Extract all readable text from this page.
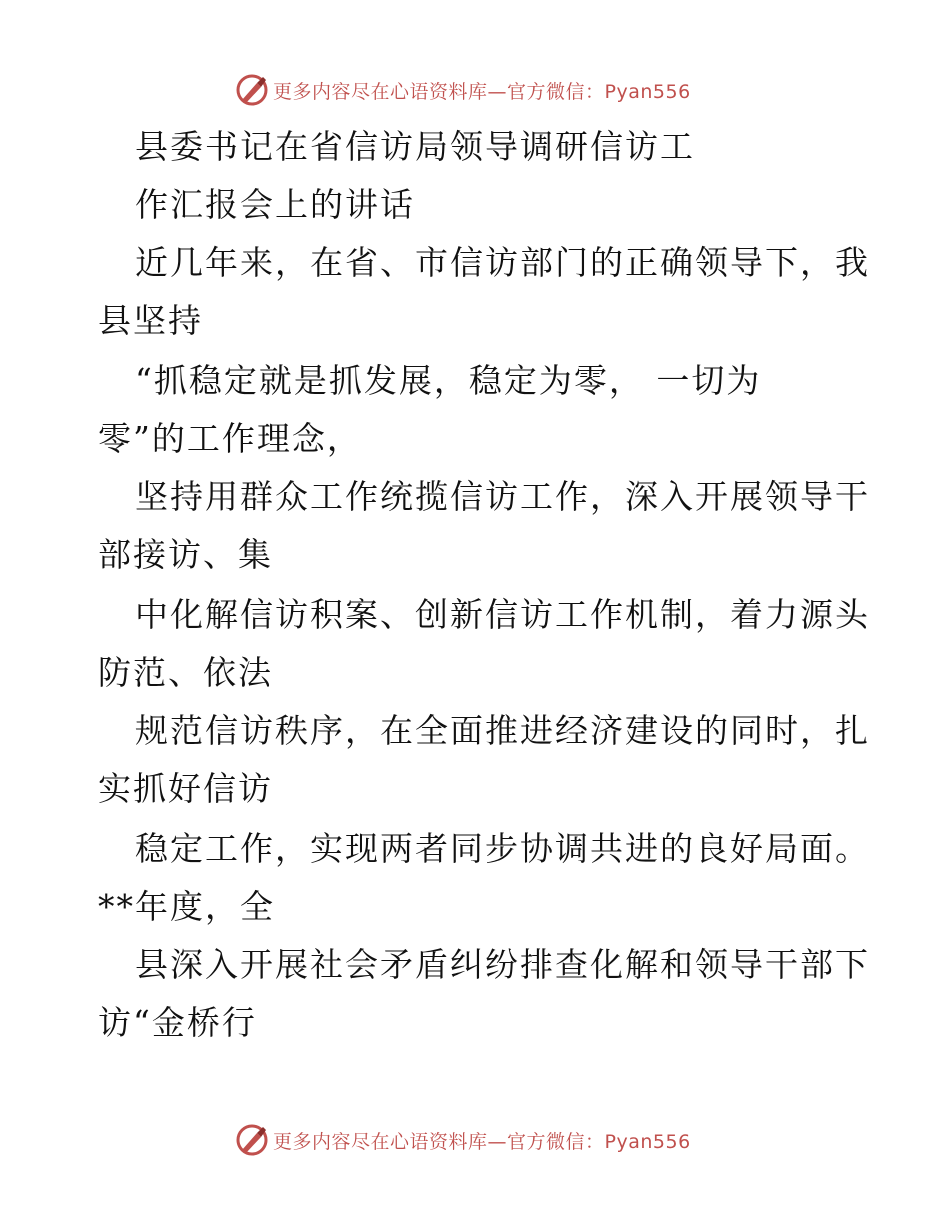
更多内容尽在心语资料库—官方微信：Pyan556
县委书记在省信访局领导调研信访工
作汇报会上的讲话
近几年来，在省、市信访部门的正确领导下，我
县坚持
“抓稳定就是抓发展，稳定为零， 一切为
零”的工作理念，
坚持用群众工作统揽信访工作，深入开展领导干
部接访、集
中化解信访积案、创新信访工作机制，着力源头
防范、依法
规范信访秩序，在全面推进经济建设的同时，扎
实抓好信访
稳定工作，实现两者同步协调共进的良好局面。
**年度，全
县深入开展社会矛盾纠纷排查化解和领导干部下
访“金桥行
更多内容尽在心语资料库—官方微信：Pyan556
